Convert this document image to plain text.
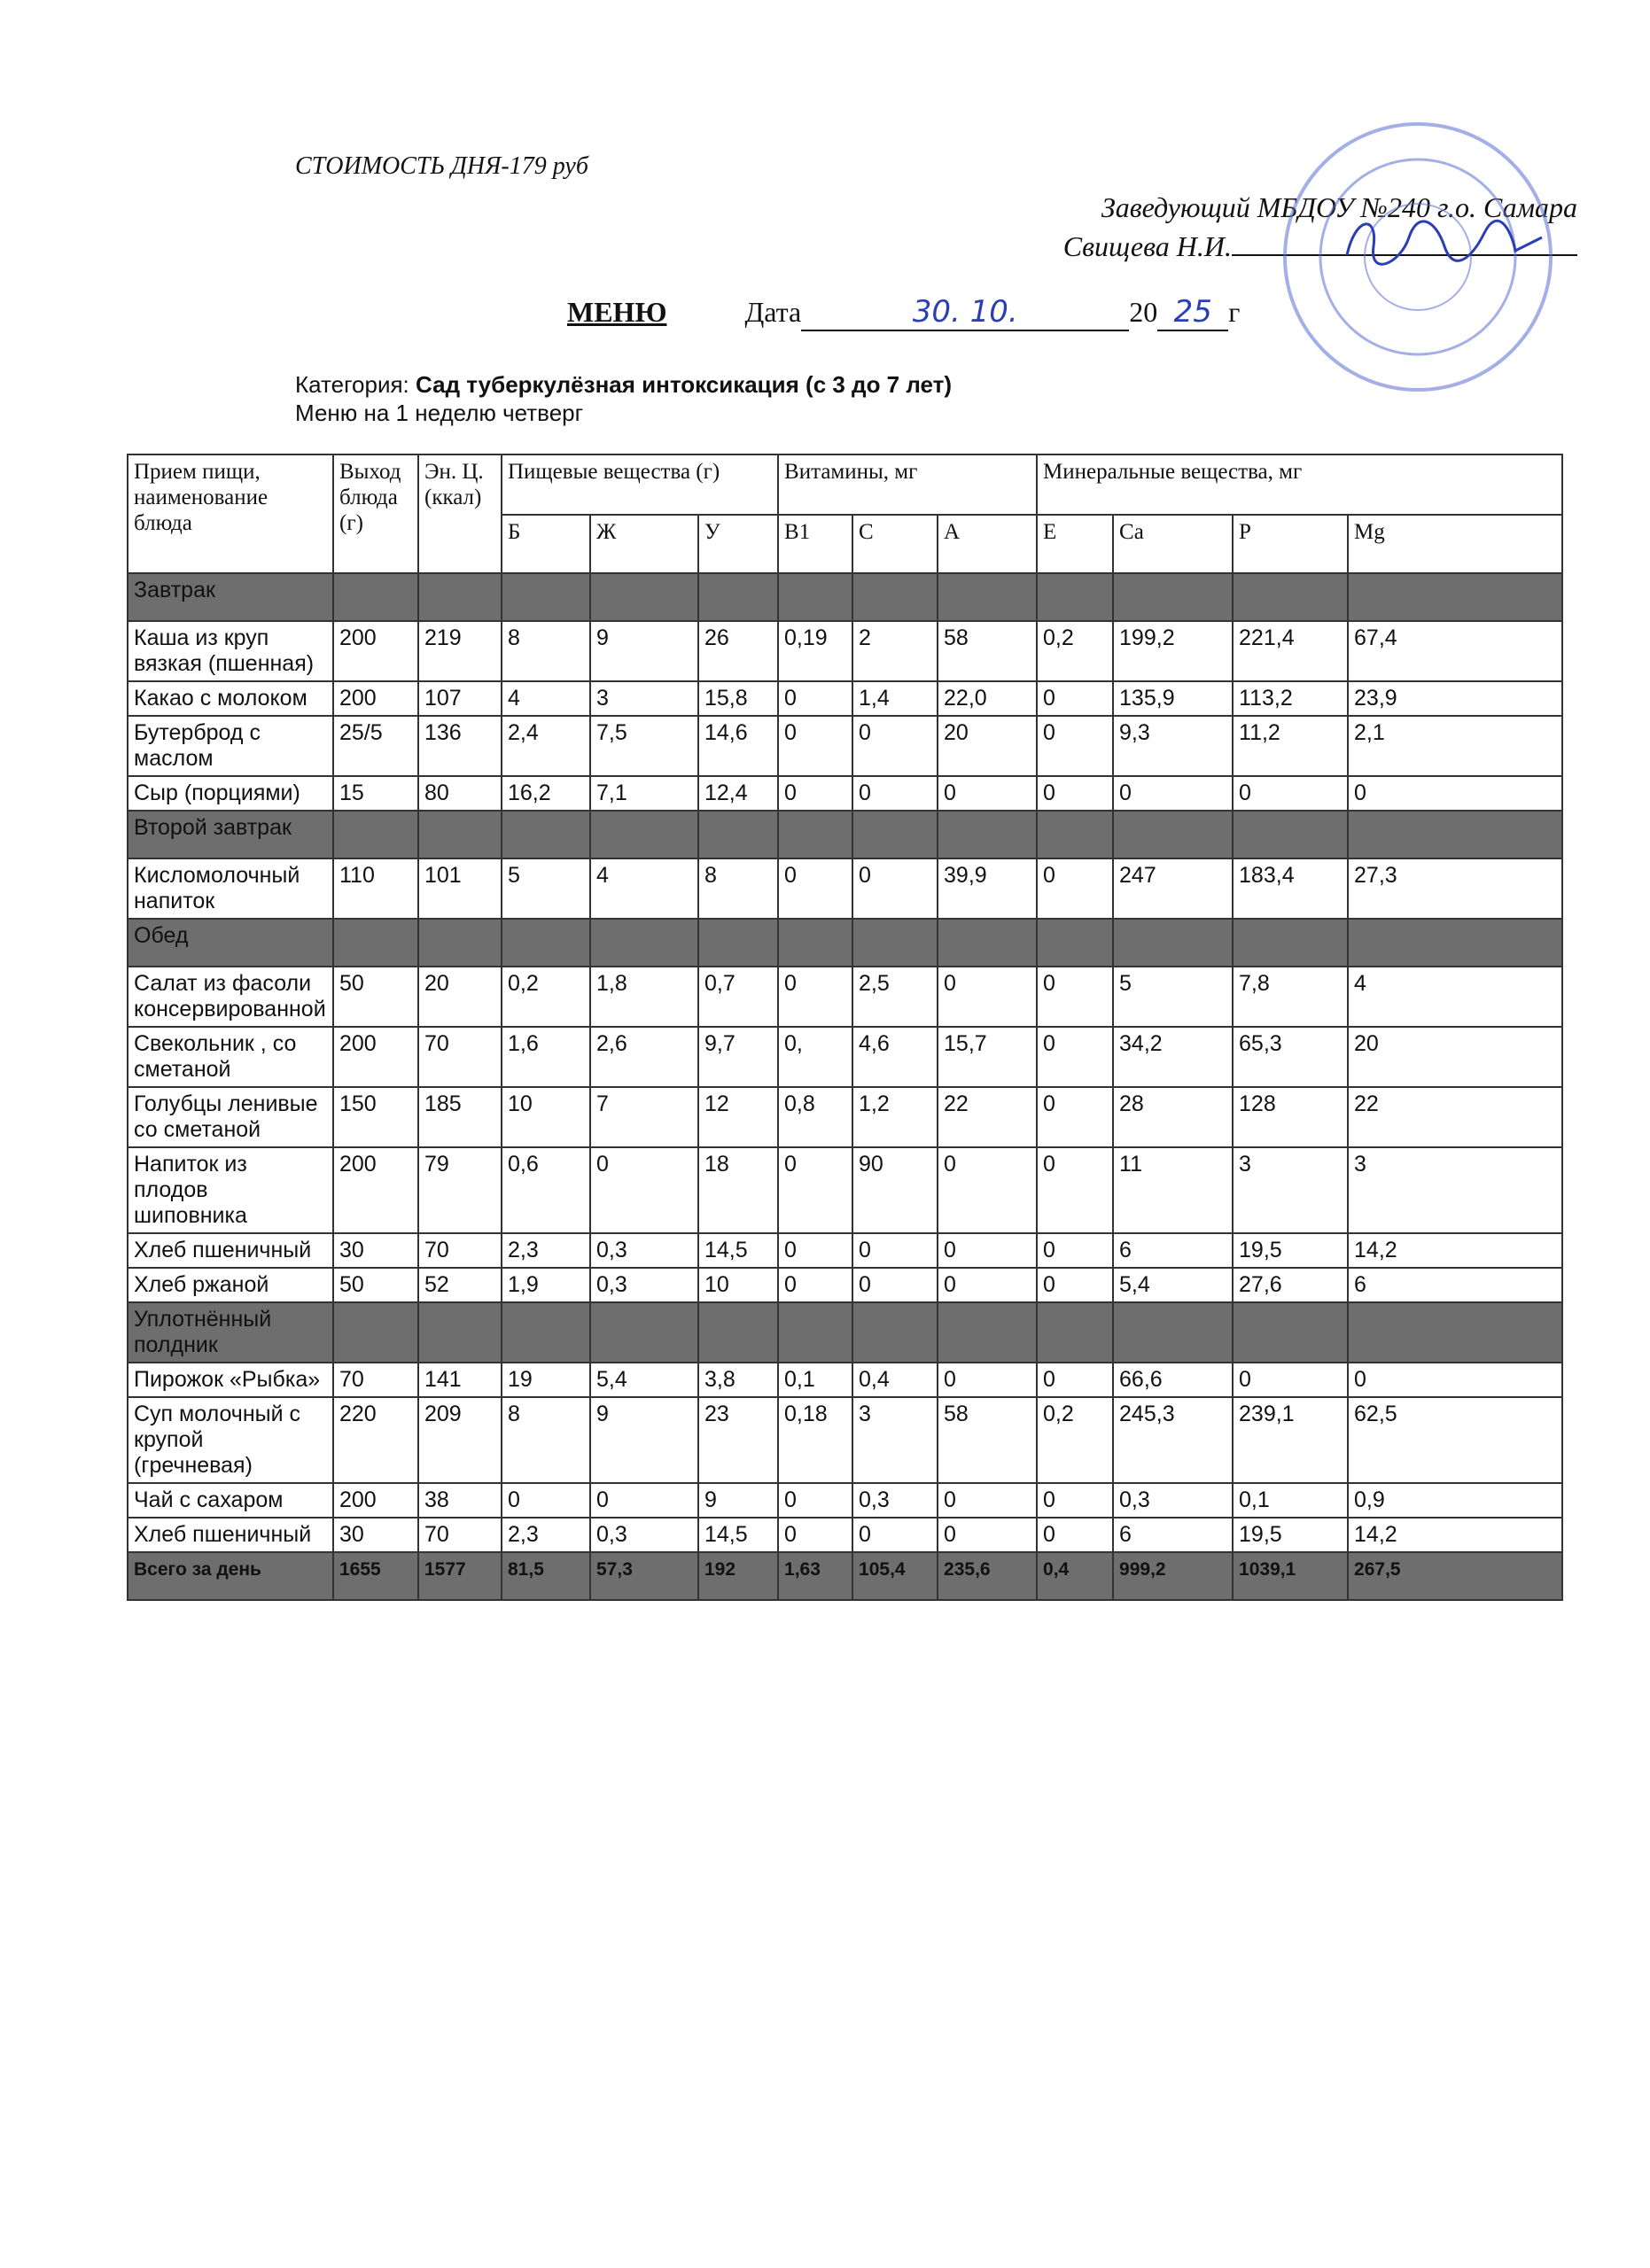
СТОИМОСТЬ ДНЯ-179 руб
Заведующий МБДОУ №240 г.о. Самара
Свищева Н.И.
МЕНЮ	Дата	30. 10.	20 25 г
Категория: Сад туберкулёзная интоксикация (с 3 до 7 лет)
Меню на 1 неделю четверг
Прием пищи, наименование блюда	Выход блюда (г)	Эн. Ц.(ккал)	Пищевые вещества (г)			Витамины, мг			Минеральные вещества, мг				
			Б	Ж	У	B1	C	A	E	Ca	P	Mg	
Завтрак													
Каша из круп вязкая (пшенная)	200	219	8	9	26	0,19	2	58	0,2	199,2	221,4	67,4	
Какао с молоком	200	107	4	3	15,8	0	1,4	22,0	0	135,9	113,2	23,9	
Бутерброд с маслом	25/5	136	2,4	7,5	14,6	0	0	20	0	9,3	11,2	2,1	
Сыр (порциями)	15	80	16,2	7,1	12,4	0	0	0	0	0	0	0	
Второй завтрак													
Кисломолочный напиток	110	101	5	4	8	0	0	39,9	0	247	183,4	27,3	
Обед													
Салат из фасоли консервированной	50	20	0,2	1,8	0,7	0	2,5	0	0	5	7,8	4	
Свекольник , со сметаной	200	70	1,6	2,6	9,7	0,	4,6	15,7	0	34,2	65,3	20	
Голубцы ленивые со сметаной	150	185	10	7	12	0,8	1,2	22	0	28	128	22	
Напиток из плодов шиповника	200	79	0,6	0	18	0	90	0	0	11	3	3	
Хлеб пшеничный	30	70	2,3	0,3	14,5	0	0	0	0	6	19,5	14,2	
Хлеб ржаной	50	52	1,9	0,3	10	0	0	0	0	5,4	27,6	6	
Уплотнённый полдник													
Пирожок «Рыбка»	70	141	19	5,4	3,8	0,1	0,4	0	0	66,6	0	0	
Суп молочный с крупой (гречневая)	220	209	8	9	23	0,18	3	58	0,2	245,3	239,1	62,5	
Чай с сахаром	200	38	0	0	9	0	0,3	0	0	0,3	0,1	0,9	
Хлеб пшеничный	30	70	2,3	0,3	14,5	0	0	0	0	6	19,5	14,2	
Всего за день	1655	1577	81,5	57,3	192	1,63	105,4	235,6	0,4	999,2	1039,1	267,5	
